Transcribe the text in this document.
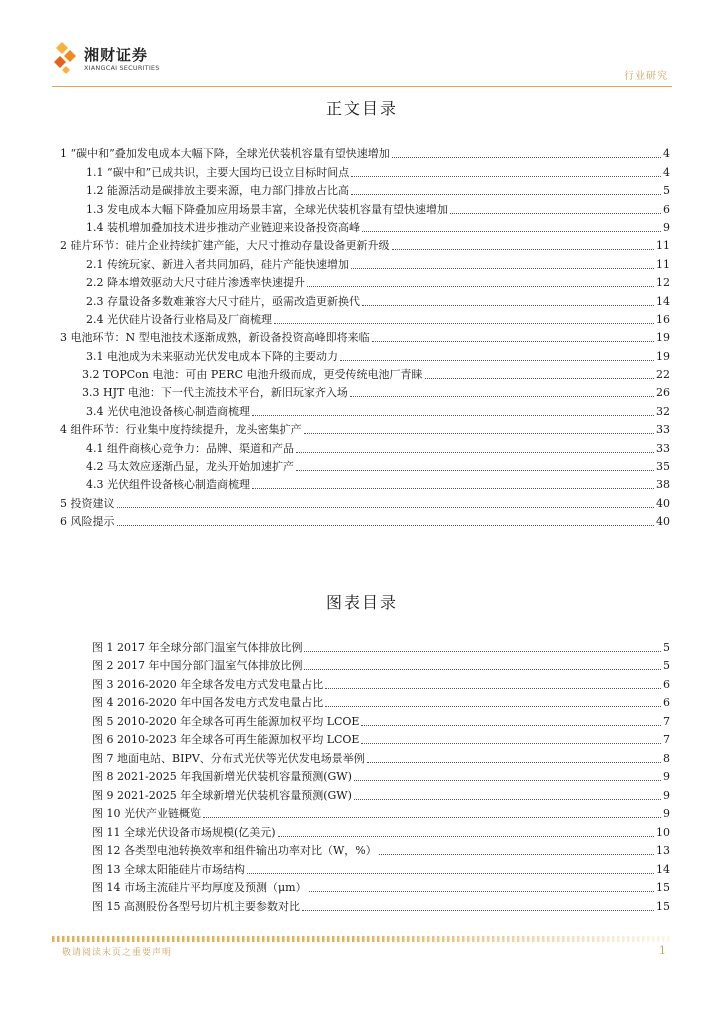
湘财证券
XIANGCAI SECURITIES
行业研究
正文目录
1 “碳中和”叠加发电成本大幅下降，全球光伏装机容量有望快速增加	4
1.1 “碳中和”已成共识，主要大国均已设立目标时间点	4
1.2 能源活动是碳排放主要来源，电力部门排放占比高	5
1.3 发电成本大幅下降叠加应用场景丰富，全球光伏装机容量有望快速增加	6
1.4 装机增加叠加技术进步推动产业链迎来设备投资高峰	9
2 硅片环节：硅片企业持续扩建产能，大尺寸推动存量设备更新升级	11
2.1 传统玩家、新进入者共同加码，硅片产能快速增加	11
2.2 降本增效驱动大尺寸硅片渗透率快速提升	12
2.3 存量设备多数难兼容大尺寸硅片，亟需改造更新换代	14
2.4 光伏硅片设备行业格局及厂商梳理	16
3 电池环节：N 型电池技术逐渐成熟，新设备投资高峰即将来临	19
3.1 电池成为未来驱动光伏发电成本下降的主要动力	19
3.2 TOPCon 电池：可由 PERC 电池升级而成，更受传统电池厂青睐	22
3.3 HJT 电池：下一代主流技术平台，新旧玩家齐入场	26
3.4 光伏电池设备核心制造商梳理	32
4 组件环节：行业集中度持续提升，龙头密集扩产	33
4.1 组件商核心竞争力：品牌、渠道和产品	33
4.2 马太效应逐渐凸显，龙头开始加速扩产	35
4.3 光伏组件设备核心制造商梳理	38
5 投资建议	40
6 风险提示	40
图表目录
图 1 2017 年全球分部门温室气体排放比例	5
图 2 2017 年中国分部门温室气体排放比例	5
图 3 2016-2020 年全球各发电方式发电量占比	6
图 4 2016-2020 年中国各发电方式发电量占比	6
图 5 2010-2020 年全球各可再生能源加权平均 LCOE	7
图 6 2010-2023 年全球各可再生能源加权平均 LCOE	7
图 7 地面电站、BIPV、分布式光伏等光伏发电场景举例	8
图 8 2021-2025 年我国新增光伏装机容量预测(GW)	9
图 9 2021-2025 年全球新增光伏装机容量预测(GW)	9
图 10 光伏产业链概览	9
图 11 全球光伏设备市场规模(亿美元)	10
图 12 各类型电池转换效率和组件输出功率对比（W，%）	13
图 13 全球太阳能硅片市场结构	14
图 14 市场主流硅片平均厚度及预测（μm）	15
图 15 高测股份各型号切片机主要参数对比	15
敬请阅读末页之重要声明	1
